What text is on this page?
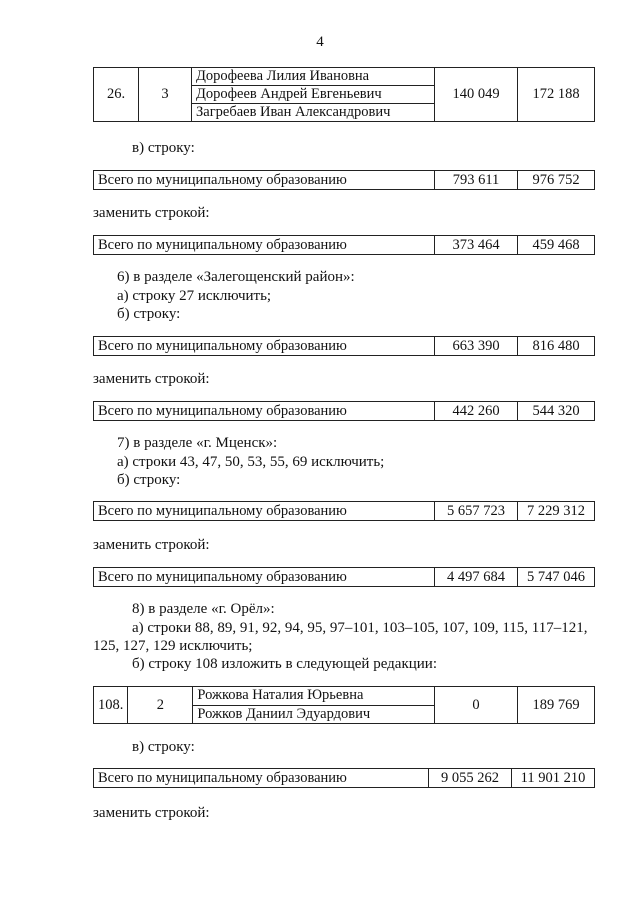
4
26.	3	Дорофеева Лилия Ивановна	140 049	172 188
Дорофеев Андрей Евгеньевич
Загребаев Иван Александрович
в) строку:
Всего по муниципальному образованию	793 611	976 752
заменить строкой:
Всего по муниципальному образованию	373 464	459 468
6) в разделе «Залегощенский район»:
а) строку 27 исключить;
б) строку:
Всего по муниципальному образованию	663 390	816 480
заменить строкой:
Всего по муниципальному образованию	442 260	544 320
7) в разделе «г. Мценск»:
а) строки 43, 47, 50, 53, 55, 69 исключить;
б) строку:
Всего по муниципальному образованию	5 657 723	7 229 312
заменить строкой:
Всего по муниципальному образованию	4 497 684	5 747 046
8) в разделе «г. Орёл»:
а) строки 88, 89, 91, 92, 94, 95, 97–101, 103–105, 107, 109, 115, 117–121,
125, 127, 129 исключить;
б) строку 108 изложить в следующей редакции:
108.	2	Рожкова Наталия Юрьевна	0	189 769
Рожков Даниил Эдуардович
в) строку:
Всего по муниципальному образованию	9 055 262	11 901 210
заменить строкой:
